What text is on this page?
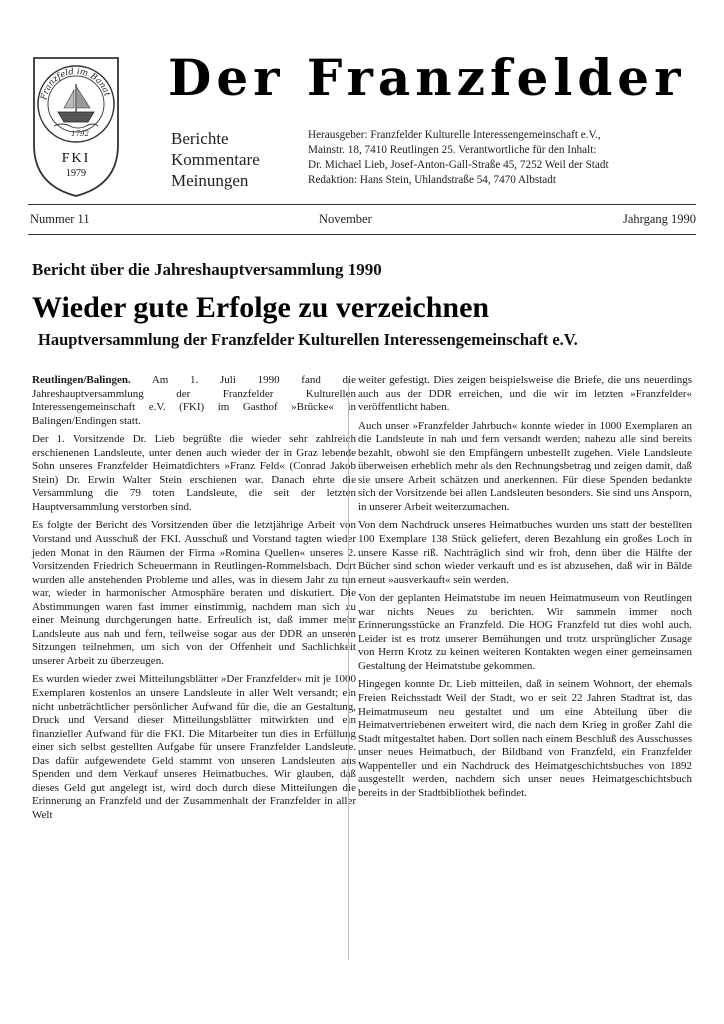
Franzfeld im Banat
1792
FKI
1979
Der Franzfelder
Berichte
Kommentare
Meinungen
Herausgeber: Franzfelder Kulturelle Interessengemeinschaft e.V.,
Mainstr. 18, 7410 Reutlingen 25. Verantwortliche für den Inhalt:
Dr. Michael Lieb, Josef-Anton-Gall-Straße 45, 7252 Weil der Stadt
Redaktion: Hans Stein, Uhlandstraße 54, 7470 Albstadt
Nummer 11	November	Jahrgang 1990
Bericht über die Jahreshauptversammlung 1990
Wieder gute Erfolge zu verzeichnen
Hauptversammlung der Franzfelder Kulturellen Interessengemeinschaft e.V.

Reutlingen/Balingen. Am 1. Juli 1990 fand die Jahreshauptversammlung der Franzfelder Kulturellen Interessengemeinschaft e.V. (FKI) im Gasthof »Brücke« in Balingen/Endingen statt.

Der 1. Vorsitzende Dr. Lieb begrüßte die wieder sehr zahlreich erschienenen Landsleute, unter denen auch wieder der in Graz lebende Sohn unseres Franzfelder Heimatdichters »Franz Feld« (Conrad Jakob Stein) Dr. Erwin Walter Stein erschienen war. Danach ehrte die Versammlung die 79 toten Landsleute, die seit der letzten Hauptversammlung verstorben sind.

Es folgte der Bericht des Vorsitzenden über die letztjährige Arbeit von Vorstand und Ausschuß der FKI. Ausschuß und Vorstand tagten wieder jeden Monat in den Räumen der Firma »Romina Quellen« unseres 2. Vorsitzenden Friedrich Scheuermann in Reutlingen-Rommelsbach. Dort wurden alle anstehenden Probleme und alles, was in diesem Jahr zu tun war, wieder in harmonischer Atmosphäre beraten und diskutiert. Die Abstimmungen waren fast immer einstimmig, nachdem man sich zu einer Meinung durchgerungen hatte. Erfreulich ist, daß immer mehr Landsleute aus nah und fern, teilweise sogar aus der DDR an unseren Sitzungen teilnehmen, um sich von der Offenheit und Sachlichkeit unserer Arbeit zu überzeugen.

Es wurden wieder zwei Mitteilungsblätter »Der Franzfelder« mit je 1000 Exemplaren kostenlos an unsere Landsleute in aller Welt versandt; ein nicht unbeträchtlicher persönlicher Aufwand für die, die an Gestaltung, Druck und Versand dieser Mitteilungsblätter mitwirkten und ein finanzieller Aufwand für die FKI. Die Mitarbeiter tun dies in Erfüllung einer sich selbst gestellten Aufgabe für unsere Franzfelder Landsleute. Das dafür aufgewendete Geld stammt von unseren Landsleuten aus Spenden und dem Verkauf unseres Heimatbuches. Wir glauben, daß dieses Geld gut angelegt ist, wird doch durch diese Mitteilungen die Erinnerung an Franzfeld und der Zusammenhalt der Franzfelder in aller Welt

weiter gefestigt. Dies zeigen beispielsweise die Briefe, die uns neuerdings auch aus der DDR erreichen, und die wir im letzten »Franzfelder« veröffentlicht haben.

Auch unser »Franzfelder Jahrbuch« konnte wieder in 1000 Exemplaren an die Landsleute in nah und fern versandt werden; nahezu alle sind bereits bezahlt, obwohl sie den Empfängern unbestellt zugehen. Viele Landsleute überweisen erheblich mehr als den Rechnungsbetrag und zeigen damit, daß sie unsere Arbeit schätzen und anerkennen. Für diese Spenden bedankte sich der Vorsitzende bei allen Landsleuten besonders. Sie sind uns Ansporn, in unserer Arbeit weiterzumachen.

Von dem Nachdruck unseres Heimatbuches wurden uns statt der bestellten 100 Exemplare 138 Stück geliefert, deren Bezahlung ein großes Loch in unsere Kasse riß. Nachträglich sind wir froh, denn über die Hälfte der Bücher sind schon wieder verkauft und es ist abzusehen, daß wir in Bälde erneut »ausverkauft« sein werden.

Von der geplanten Heimatstube im neuen Heimatmuseum von Reutlingen war nichts Neues zu berichten. Wir sammeln immer noch Erinnerungsstücke an Franzfeld. Die HOG Franzfeld tut dies wohl auch. Leider ist es trotz unserer Bemühungen und trotz ursprünglicher Zusage von Herrn Krotz zu keinen weiteren Kontakten wegen einer gemeinsamen Gestaltung der Heimatstube gekommen.

Hingegen konnte Dr. Lieb mitteilen, daß in seinem Wohnort, der ehemals Freien Reichsstadt Weil der Stadt, wo er seit 22 Jahren Stadtrat ist, das Heimatmuseum neu gestaltet und um eine Abteilung über die Heimatvertriebenen erweitert wird, die nach dem Krieg in großer Zahl die Stadt mitgestaltet haben. Dort sollen nach einem Beschluß des Ausschusses unser neues Heimatbuch, der Bildband von Franzfeld, ein Franzfelder Wappenteller und ein Nachdruck des Heimatgeschichtsbuches von 1892 ausgestellt werden, nachdem sich unser neues Heimatgeschichtsbuch bereits in der Stadtbibliothek befindet.
